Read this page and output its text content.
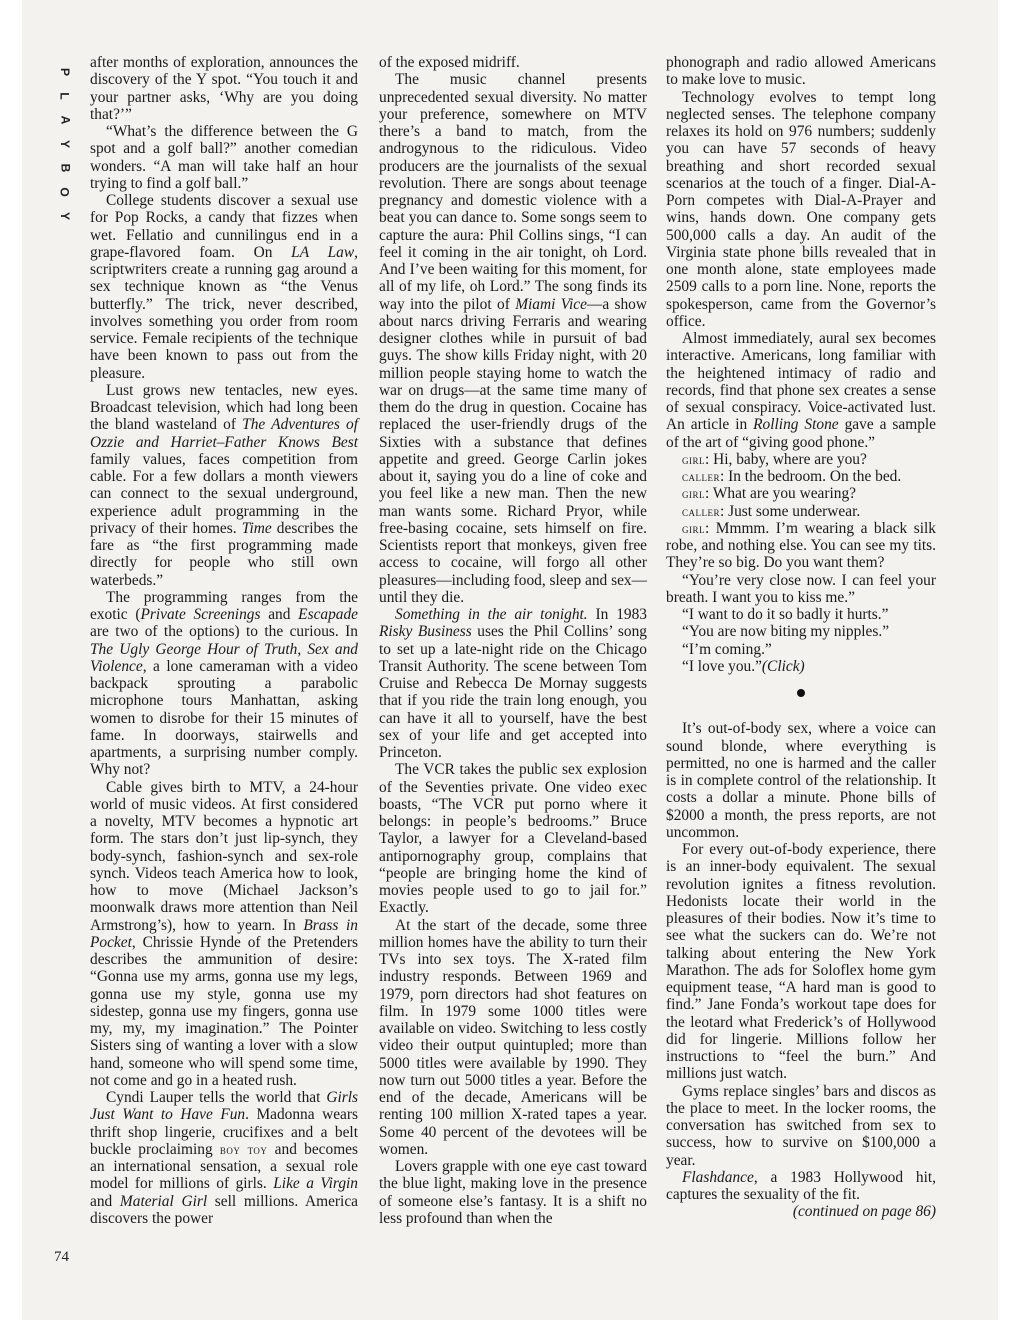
P
L
A
Y
B
O
Y

after months of exploration, announces the discovery of the Y spot. “You touch it and your partner asks, ‘Why are you doing that?’”

“What’s the difference between the G spot and a golf ball?” another comedian wonders. “A man will take half an hour trying to find a golf ball.”

College students discover a sexual use for Pop Rocks, a candy that fizzes when wet. Fellatio and cunnilingus end in a grape-flavored foam. On LA Law, scriptwriters create a running gag around a sex technique known as “the Venus butterfly.” The trick, never described, involves something you order from room service. Female recipients of the technique have been known to pass out from the pleasure.

Lust grows new tentacles, new eyes. Broadcast television, which had long been the bland wasteland of The Adventures of Ozzie and Harriet–Father Knows Best family values, faces competition from cable. For a few dollars a month viewers can connect to the sexual underground, experience adult programming in the privacy of their homes. Time describes the fare as “the first programming made directly for people who still own waterbeds.”

The programming ranges from the exotic (Private Screenings and Escapade are two of the options) to the curious. In The Ugly George Hour of Truth, Sex and Violence, a lone cameraman with a video backpack sprouting a parabolic microphone tours Manhattan, asking women to disrobe for their 15 minutes of fame. In doorways, stairwells and apartments, a surprising number comply. Why not?

Cable gives birth to MTV, a 24-hour world of music videos. At first considered a novelty, MTV becomes a hypnotic art form. The stars don’t just lip-synch, they body-synch, fashion-synch and sex-role synch. Videos teach America how to look, how to move (Michael Jackson’s moonwalk draws more attention than Neil Armstrong’s), how to yearn. In Brass in Pocket, Chrissie Hynde of the Pretenders describes the ammunition of desire: “Gonna use my arms, gonna use my legs, gonna use my style, gonna use my sidestep, gonna use my fingers, gonna use my, my, my imagination.” The Pointer Sisters sing of wanting a lover with a slow hand, someone who will spend some time, not come and go in a heated rush.

Cyndi Lauper tells the world that Girls Just Want to Have Fun. Madonna wears thrift shop lingerie, crucifixes and a belt buckle proclaiming boy toy and becomes an international sensation, a sexual role model for millions of girls. Like a Virgin and Material Girl sell millions. America discovers the power

of the exposed midriff.

The music channel presents unprecedented sexual diversity. No matter your preference, somewhere on MTV there’s a band to match, from the androgynous to the ridiculous. Video producers are the journalists of the sexual revolution. There are songs about teenage pregnancy and domestic violence with a beat you can dance to. Some songs seem to capture the aura: Phil Collins sings, “I can feel it coming in the air tonight, oh Lord. And I’ve been waiting for this moment, for all of my life, oh Lord.” The song finds its way into the pilot of Miami Vice—a show about narcs driving Ferraris and wearing designer clothes while in pursuit of bad guys. The show kills Friday night, with 20 million people staying home to watch the war on drugs—at the same time many of them do the drug in question. Cocaine has replaced the user-friendly drugs of the Sixties with a substance that defines appetite and greed. George Carlin jokes about it, saying you do a line of coke and you feel like a new man. Then the new man wants some. Richard Pryor, while free-basing cocaine, sets himself on fire. Scientists report that monkeys, given free access to cocaine, will forgo all other pleasures—including food, sleep and sex—until they die.

Something in the air tonight. In 1983 Risky Business uses the Phil Collins’ song to set up a late-night ride on the Chicago Transit Authority. The scene between Tom Cruise and Rebecca De Mornay suggests that if you ride the train long enough, you can have it all to yourself, have the best sex of your life and get accepted into Princeton.

The VCR takes the public sex explosion of the Seventies private. One video exec boasts, “The VCR put porno where it belongs: in people’s bedrooms.” Bruce Taylor, a lawyer for a Cleveland-based antipornography group, complains that “people are bringing home the kind of movies people used to go to jail for.” Exactly.

At the start of the decade, some three million homes have the ability to turn their TVs into sex toys. The X-rated film industry responds. Between 1969 and 1979, porn directors had shot features on film. In 1979 some 1000 titles were available on video. Switching to less costly video their output quintupled; more than 5000 titles were available by 1990. They now turn out 5000 titles a year. Before the end of the decade, Americans will be renting 100 million X-rated tapes a year. Some 40 percent of the devotees will be women.

Lovers grapple with one eye cast toward the blue light, making love in the presence of someone else’s fantasy. It is a shift no less profound than when the

phonograph and radio allowed Americans to make love to music.

Technology evolves to tempt long neglected senses. The telephone company relaxes its hold on 976 numbers; suddenly you can have 57 seconds of heavy breathing and short recorded sexual scenarios at the touch of a finger. Dial-A-Porn competes with Dial-A-Prayer and wins, hands down. One company gets 500,000 calls a day. An audit of the Virginia state phone bills revealed that in one month alone, state employees made 2509 calls to a porn line. None, reports the spokesperson, came from the Governor’s office.

Almost immediately, aural sex becomes interactive. Americans, long familiar with the heightened intimacy of radio and records, find that phone sex creates a sense of sexual conspiracy. Voice-activated lust. An article in Rolling Stone gave a sample of the art of “giving good phone.”

girl: Hi, baby, where are you?

caller: In the bedroom. On the bed.

girl: What are you wearing?

caller: Just some underwear.

girl: Mmmm. I’m wearing a black silk robe, and nothing else. You can see my tits. They’re so big. Do you want them?

“You’re very close now. I can feel your breath. I want you to kiss me.”

“I want to do it so badly it hurts.”

“You are now biting my nipples.”

“I’m coming.”

“I love you.”(Click)

It’s out-of-body sex, where a voice can sound blonde, where everything is permitted, no one is harmed and the caller is in complete control of the relationship. It costs a dollar a minute. Phone bills of $2000 a month, the press reports, are not uncommon.

For every out-of-body experience, there is an inner-body equivalent. The sexual revolution ignites a fitness revolution. Hedonists locate their world in the pleasures of their bodies. Now it’s time to see what the suckers can do. We’re not talking about entering the New York Marathon. The ads for Soloflex home gym equipment tease, “A hard man is good to find.” Jane Fonda’s workout tape does for the leotard what Frederick’s of Hollywood did for lingerie. Millions follow her instructions to “feel the burn.” And millions just watch.

Gyms replace singles’ bars and discos as the place to meet. In the locker rooms, the conversation has switched from sex to success, how to survive on $100,000 a year.

Flashdance, a 1983 Hollywood hit, captures the sexuality of the fit.

(continued on page 86)

74
